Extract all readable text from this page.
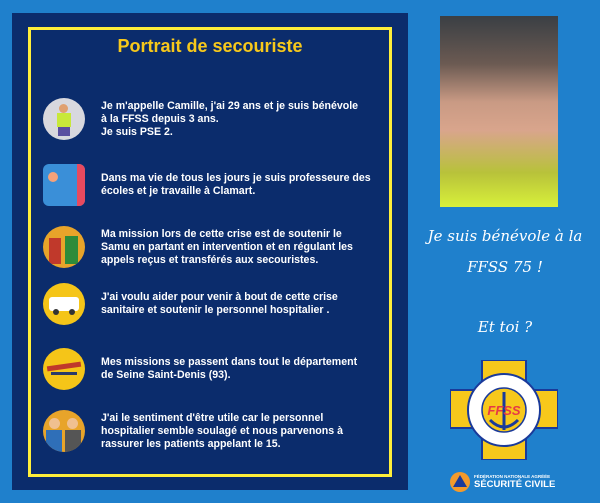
Portrait de secouriste
Je m'appelle Camille, j'ai 29 ans et je suis bénévole
à la FFSS depuis 3 ans.
Je suis PSE 2.
Dans ma vie de tous les jours je suis professeure des
écoles et je travaille à Clamart.
Ma mission lors de cette crise est de soutenir le
Samu en partant en intervention et en régulant les
appels reçus et transférés aux secouristes.
J'ai voulu aider pour venir à bout de cette crise
sanitaire et soutenir le personnel hospitalier .
Mes missions se passent dans tout le département
de Seine Saint-Denis (93).
J'ai le sentiment d'être utile car le personnel
hospitalier semble soulagé et nous parvenons à
rassurer les patients appelant le 15.
Je suis bénévole à la
FFSS 75 !
Et toi ?
FFSS
FÉDÉRATION NATIONALE AGRÉÉE
SÉCURITÉ CIVILE
